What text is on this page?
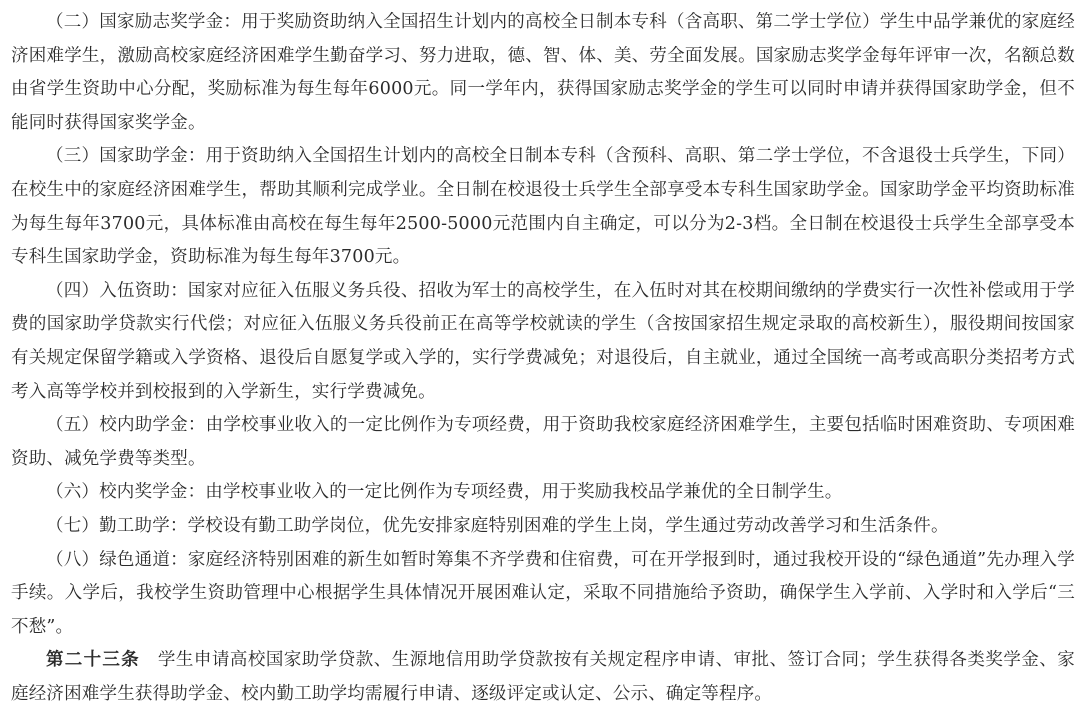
（二）国家励志奖学金：用于奖励资助纳入全国招生计划内的高校全日制本专科（含高职、第二学士学位）学生中品学兼优的家庭经济困难学生，激励高校家庭经济困难学生勤奋学习、努力进取，德、智、体、美、劳全面发展。国家励志奖学金每年评审一次，名额总数由省学生资助中心分配，奖励标准为每生每年6000元。同一学年内，获得国家励志奖学金的学生可以同时申请并获得国家助学金，但不能同时获得国家奖学金。

（三）国家助学金：用于资助纳入全国招生计划内的高校全日制本专科（含预科、高职、第二学士学位，不含退役士兵学生，下同）在校生中的家庭经济困难学生，帮助其顺利完成学业。全日制在校退役士兵学生全部享受本专科生国家助学金。国家助学金平均资助标准为每生每年3700元，具体标准由高校在每生每年2500-5000元范围内自主确定，可以分为2-3档。全日制在校退役士兵学生全部享受本专科生国家助学金，资助标准为每生每年3700元。

（四）入伍资助：国家对应征入伍服义务兵役、招收为军士的高校学生，在入伍时对其在校期间缴纳的学费实行一次性补偿或用于学费的国家助学贷款实行代偿；对应征入伍服义务兵役前正在高等学校就读的学生（含按国家招生规定录取的高校新生），服役期间按国家有关规定保留学籍或入学资格、退役后自愿复学或入学的，实行学费减免；对退役后，自主就业，通过全国统一高考或高职分类招考方式考入高等学校并到校报到的入学新生，实行学费减免。

（五）校内助学金：由学校事业收入的一定比例作为专项经费，用于资助我校家庭经济困难学生，主要包括临时困难资助、专项困难资助、减免学费等类型。

（六）校内奖学金：由学校事业收入的一定比例作为专项经费，用于奖励我校品学兼优的全日制学生。

（七）勤工助学：学校设有勤工助学岗位，优先安排家庭特别困难的学生上岗，学生通过劳动改善学习和生活条件。

（八）绿色通道：家庭经济特别困难的新生如暂时筹集不齐学费和住宿费，可在开学报到时，通过我校开设的“绿色通道”先办理入学手续。入学后，我校学生资助管理中心根据学生具体情况开展困难认定，采取不同措施给予资助，确保学生入学前、入学时和入学后“三不愁”。

第二十三条　学生申请高校国家助学贷款、生源地信用助学贷款按有关规定程序申请、审批、签订合同；学生获得各类奖学金、家庭经济困难学生获得助学金、校内勤工助学均需履行申请、逐级评定或认定、公示、确定等程序。
